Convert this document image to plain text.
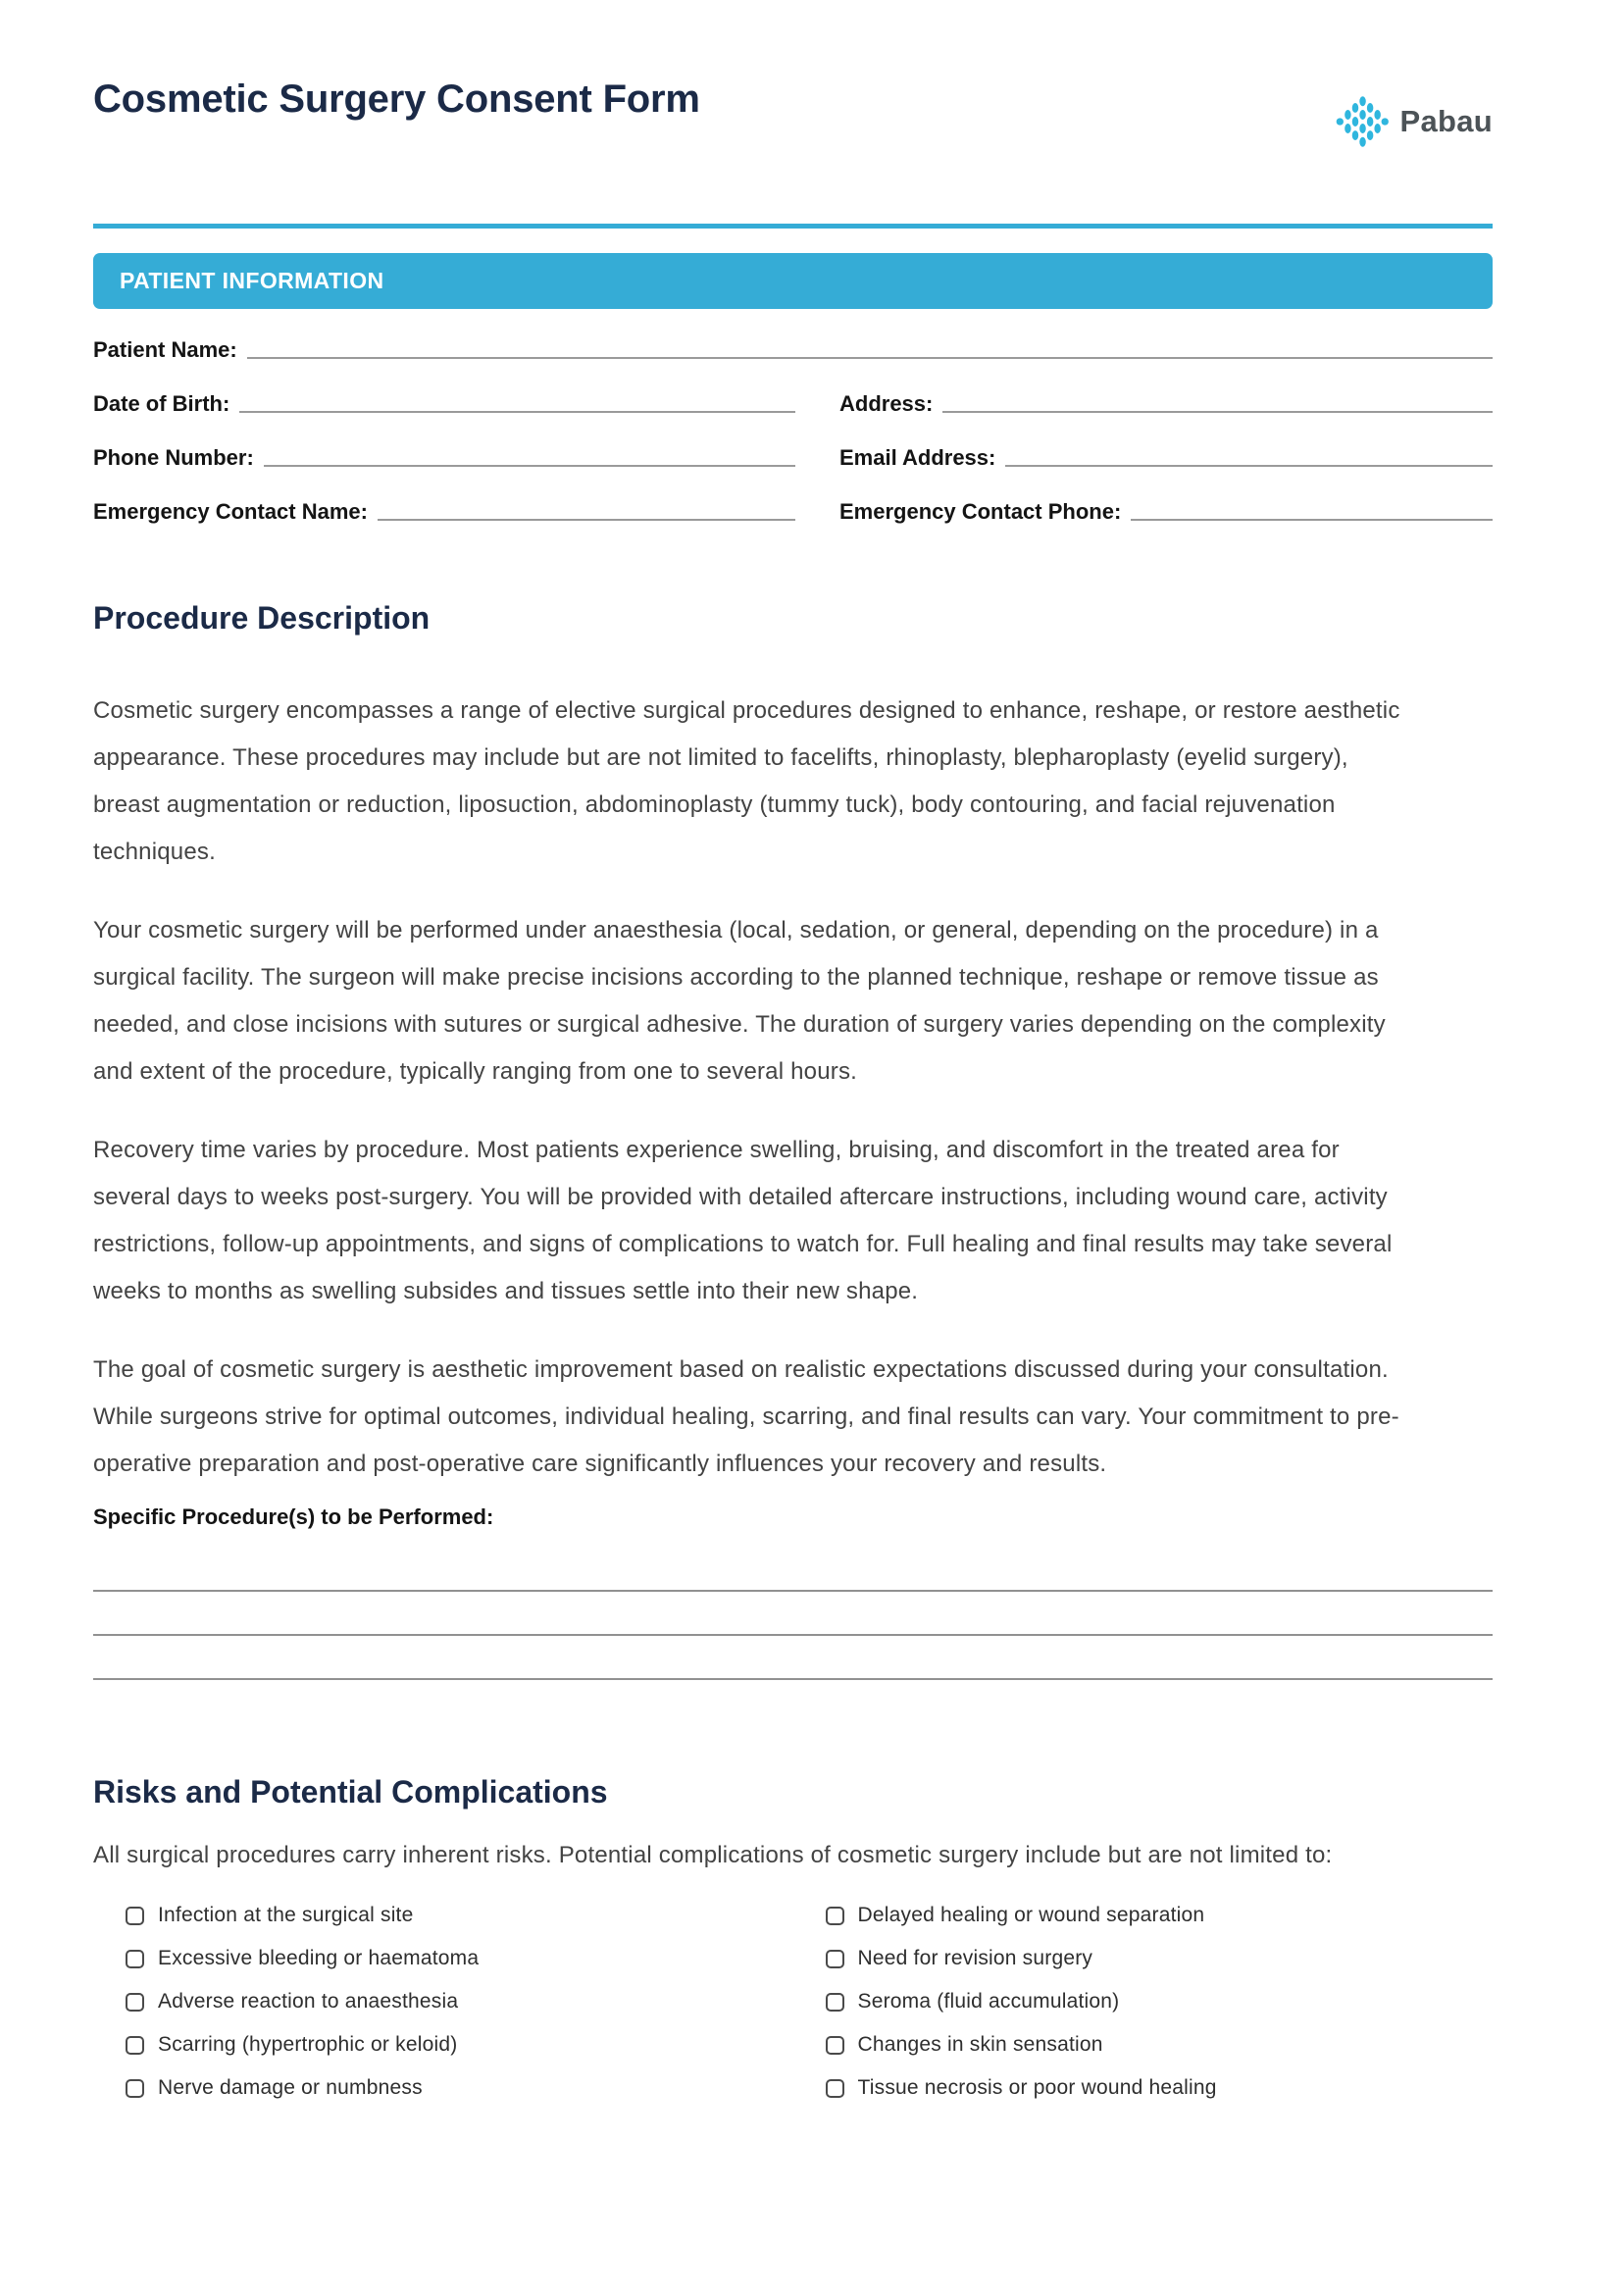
Cosmetic Surgery Consent Form
Pabau
PATIENT INFORMATION
Patient Name:
Date of Birth:	Address:
Phone Number:	Email Address:
Emergency Contact Name:	Emergency Contact Phone:
Procedure Description

Cosmetic surgery encompasses a range of elective surgical procedures designed to enhance, reshape, or restore aesthetic appearance. These procedures may include but are not limited to facelifts, rhinoplasty, blepharoplasty (eyelid surgery), breast augmentation or reduction, liposuction, abdominoplasty (tummy tuck), body contouring, and facial rejuvenation techniques.

Your cosmetic surgery will be performed under anaesthesia (local, sedation, or general, depending on the procedure) in a surgical facility. The surgeon will make precise incisions according to the planned technique, reshape or remove tissue as needed, and close incisions with sutures or surgical adhesive. The duration of surgery varies depending on the complexity and extent of the procedure, typically ranging from one to several hours.

Recovery time varies by procedure. Most patients experience swelling, bruising, and discomfort in the treated area for several days to weeks post-surgery. You will be provided with detailed aftercare instructions, including wound care, activity restrictions, follow-up appointments, and signs of complications to watch for. Full healing and final results may take several weeks to months as swelling subsides and tissues settle into their new shape.

The goal of cosmetic surgery is aesthetic improvement based on realistic expectations discussed during your consultation. While surgeons strive for optimal outcomes, individual healing, scarring, and final results can vary. Your commitment to pre-operative preparation and post-operative care significantly influences your recovery and results.

Specific Procedure(s) to be Performed:
Risks and Potential Complications

All surgical procedures carry inherent risks. Potential complications of cosmetic surgery include but are not limited to:

Infection at the surgical site
Excessive bleeding or haematoma
Adverse reaction to anaesthesia
Scarring (hypertrophic or keloid)
Nerve damage or numbness
Delayed healing or wound separation
Need for revision surgery
Seroma (fluid accumulation)
Changes in skin sensation
Tissue necrosis or poor wound healing
